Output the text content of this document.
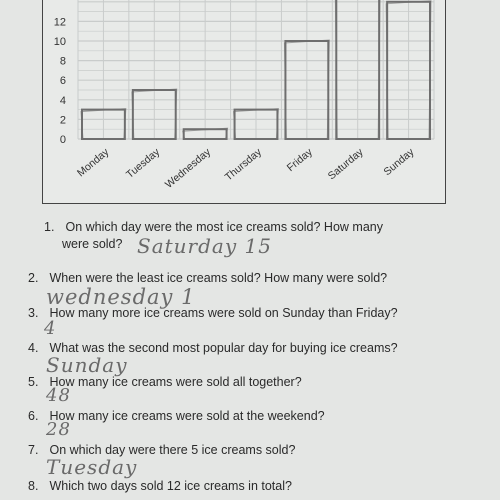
0
2
4
6
8
10
12
Monday Tuesday Wednesday Thursday Friday Saturday Sunday
1. On which day were the most ice creams sold? How many
were sold? Saturday 15
2. When were the least ice creams sold? How many were sold?
wednesday 1
3. How many more ice creams were sold on Sunday than Friday?
4
4. What was the second most popular day for buying ice creams?
Sunday
5. How many ice creams were sold all together?
48
6. How many ice creams were sold at the weekend?
28
7. On which day were there 5 ice creams sold?
Tuesday
8. Which two days sold 12 ice creams in total?
